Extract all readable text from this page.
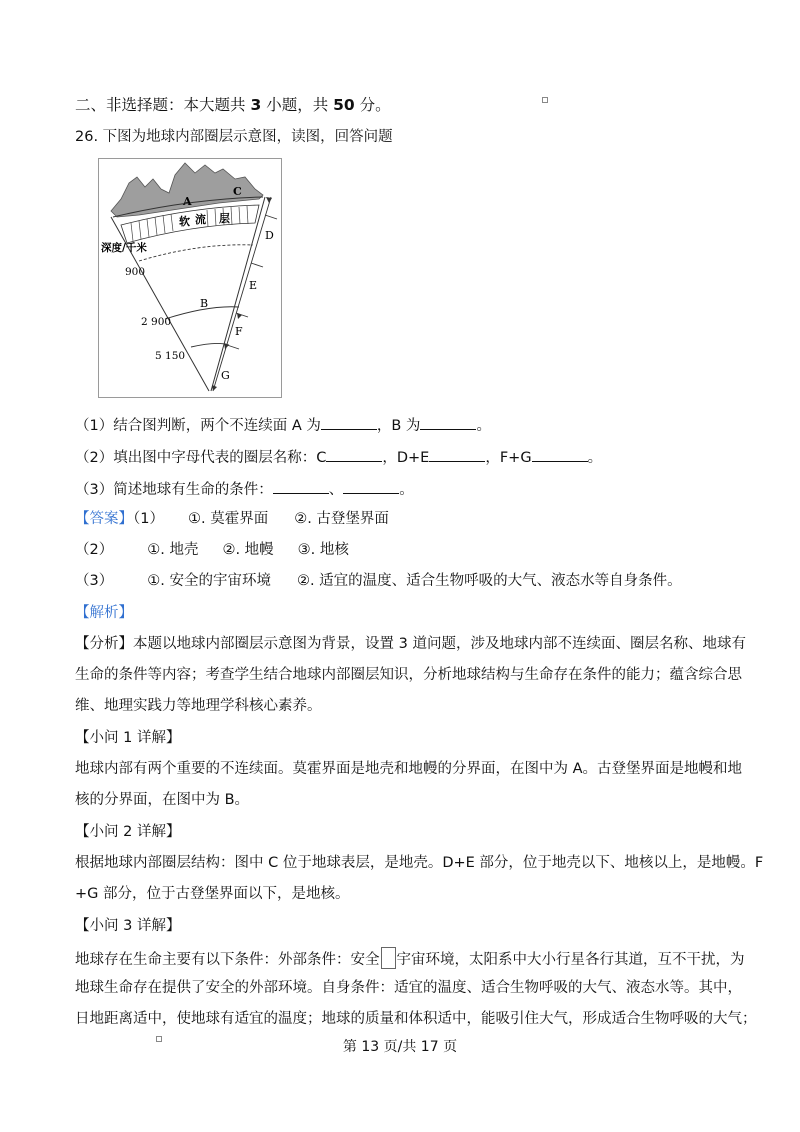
二、非选择题：本大题共 3 小题，共 50 分。
26. 下图为地球内部圈层示意图，读图，回答问题
A
C
D
E
B
F
G
软 流 层
深度/千米
900
2 900
5 150
（1）结合图判断，两个不连续面 A 为	，B 为	。
（2）填出图中字母代表的圈层名称：C	，D+E	，F+G	。
（3）简述地球有生命的条件：	、	。
【答案】（1） ①. 莫霍界面 ②. 古登堡界面
（2） ①. 地壳 ②. 地幔 ③. 地核
（3） ①. 安全的宇宙环境 ②. 适宜的温度、适合生物呼吸的大气、液态水等自身条件。
【解析】
【分析】本题以地球内部圈层示意图为背景，设置 3 道问题，涉及地球内部不连续面、圈层名称、地球有
生命的条件等内容；考查学生结合地球内部圈层知识，分析地球结构与生命存在条件的能力；蕴含综合思
维、地理实践力等地理学科核心素养。
【小问 1 详解】
地球内部有两个重要的不连续面。莫霍界面是地壳和地幔的分界面，在图中为 A。古登堡界面是地幔和地
核的分界面，在图中为 B。
【小问 2 详解】
根据地球内部圈层结构：图中 C 位于地球表层，是地壳。D+E 部分，位于地壳以下、地核以上，是地幔。F
+G 部分，位于古登堡界面以下，是地核。
【小问 3 详解】
地球存在生命主要有以下条件：外部条件：安全 宇宙环境，太阳系中大小行星各行其道，互不干扰，为
地球生命存在提供了安全的外部环境。自身条件：适宜的温度、适合生物呼吸的大气、液态水等。其中，
日地距离适中，使地球有适宜的温度；地球的质量和体积适中，能吸引住大气，形成适合生物呼吸的大气；
第 13 页/共 17 页
